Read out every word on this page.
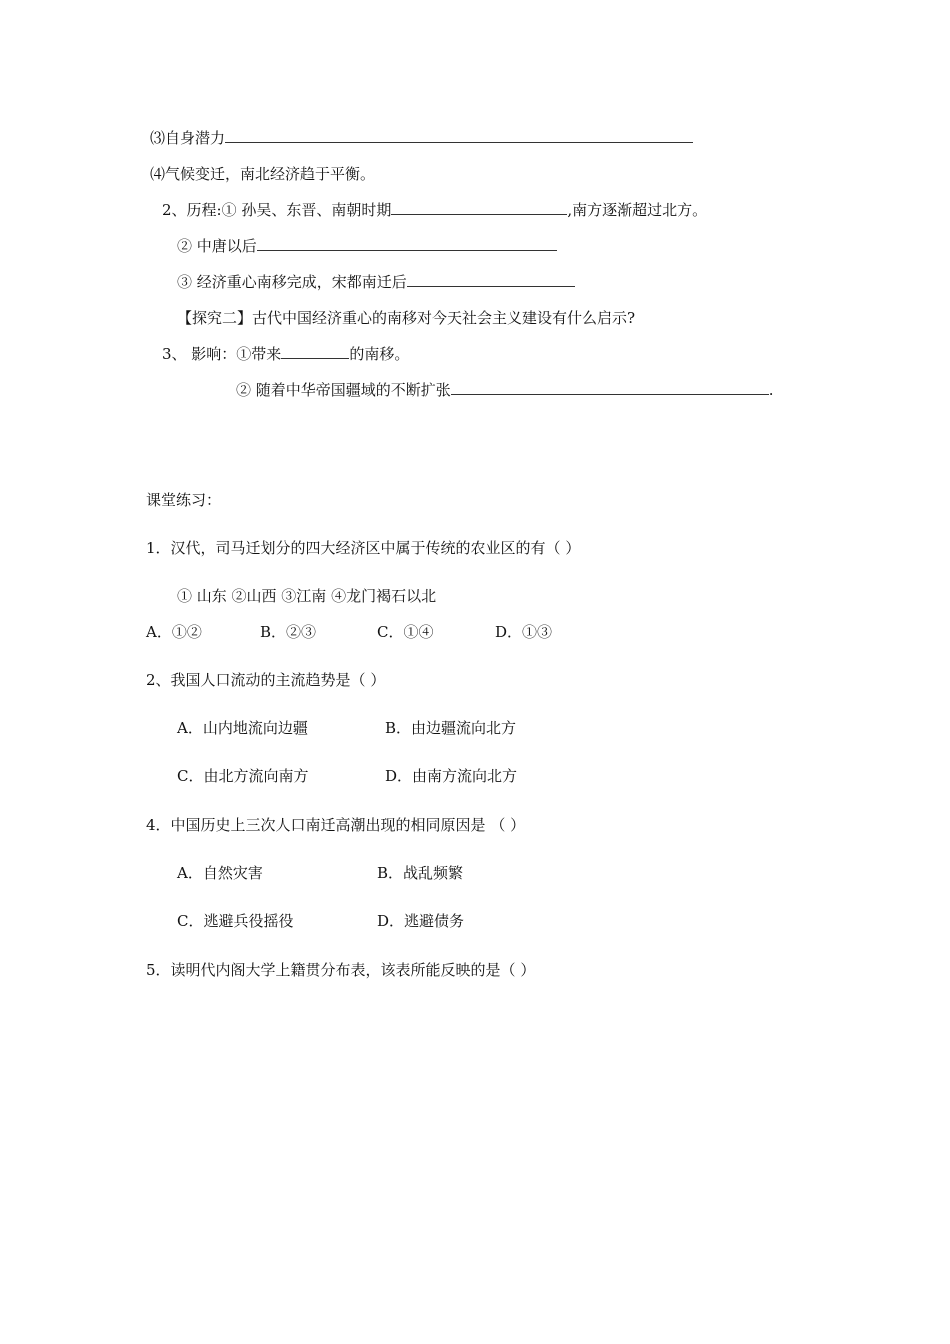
⑶自身潜力
⑷气候变迁，南北经济趋于平衡。
2、历程:① 孙吴、东晋、南朝时期	,南方逐渐超过北方。
② 中唐以后
③ 经济重心南移完成，宋都南迁后
【探究二】古代中国经济重心的南移对今天社会主义建设有什么启示?
3、 影响：①带来	的南移。
② 随着中华帝国疆域的不断扩张	.
课堂练习：
1．汉代，司马迁划分的四大经济区中属于传统的农业区的有（ ）
① 山东 ②山西 ③江南 ④龙门褐石以北
A．①②	B．②③	C．①④	D．①③
2、我国人口流动的主流趋势是（ ）
A．山内地流向边疆	B．由边疆流向北方
C．由北方流向南方	D．由南方流向北方
4．中国历史上三次人口南迁高潮出现的相同原因是 （ ）
A．自然灾害	B．战乱频繁
C．逃避兵役摇役	D．逃避债务
5．读明代内阁大学上籍贯分布表，该表所能反映的是（ ）
